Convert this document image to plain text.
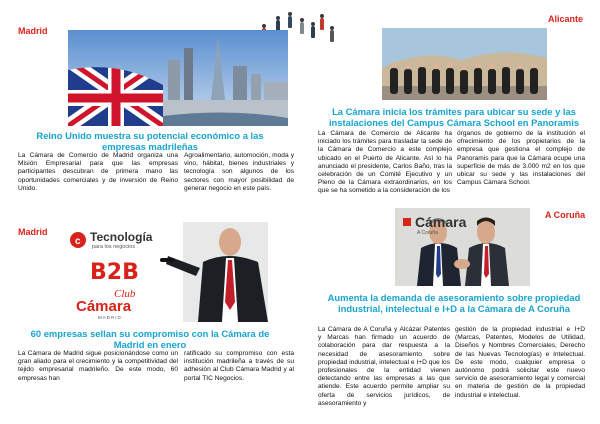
Madrid
Reino Unido muestra su potencial económico a las empresas madrileñas
La Cámara de Comercio de Madrid organiza una Misión Empresarial para que las empresas participantes descubran de primera mano las oportunidades comerciales y de inversión de Reino Unido.
Agroalimentario, automoción, moda y vino, hábitat, bienes industriales y tecnología son algunos de los sectores con mayor posibilidad de generar negocio en este país.
Alicante
La Cámara inicia los trámites para ubicar su sede y las instalaciones del Campus Cámara School en Panoramis
La Cámara de Comercio de Alicante ha iniciado los trámites para trasladar la sede de la Cámara de Comercio a este complejo ubicado en el Puerto de Alicante. Así lo ha anunciado el presidente, Carlos Baño, tras la celebración de un Comité Ejecutivo y un Pleno de la Cámara extraordinarios, en los que se ha sometido a la consideración de los
órganos de gobierno de la institución el ofrecimiento de los propietarios de la empresa que gestiona el complejo de Panoramis para que la Cámara ocupe una superficie de más de 3.000 m2 en los que ubicar su sede y las instalaciones del Campus Cámara School.
Madrid
c Tecnología
para los negocios
B2B
Club
Cámara
MADRID
60 empresas sellan su compromiso con la Cámara de Madrid en enero
La Cámara de Madrid sigue posicionándose como un gran aliado para el crecimiento y la competitividad del tejido empresarial madrileño. De este modo, 60 empresas han
ratificado su compromiso con esta institución madrileña a través de su adhesión al Club Cámara Madrid y al portal TIC Negocios.
A Coruña
Cámara
A Coruña
Aumenta la demanda de asesoramiento sobre propiedad industrial, intelectual e I+D a la Cámara de A Coruña
La Cámara de A Coruña y Alcázar Patentes y Marcas han firmado un acuerdo de colaboración para dar respuesta a la necesidad de asesoramiento sobre propiedad industrial, intelectual e I+D que los profesionales de la entidad vienen detectando entre las empresas a las que atiende. Este acuerdo permite ampliar su oferta de servicios jurídicos, de asesoramiento y
gestión de la propiedad industrial e I+D (Marcas, Patentes, Modelos de Utilidad, Diseños y Nombres Comerciales, Derecho de las Nuevas Tecnologías) e Intelectual. De este modo, cualquier empresa o autónomo podrá solicitar este nuevo servicio de asesoramiento legal y comercial en materia de gestión de la propiedad industrial e intelectual.
